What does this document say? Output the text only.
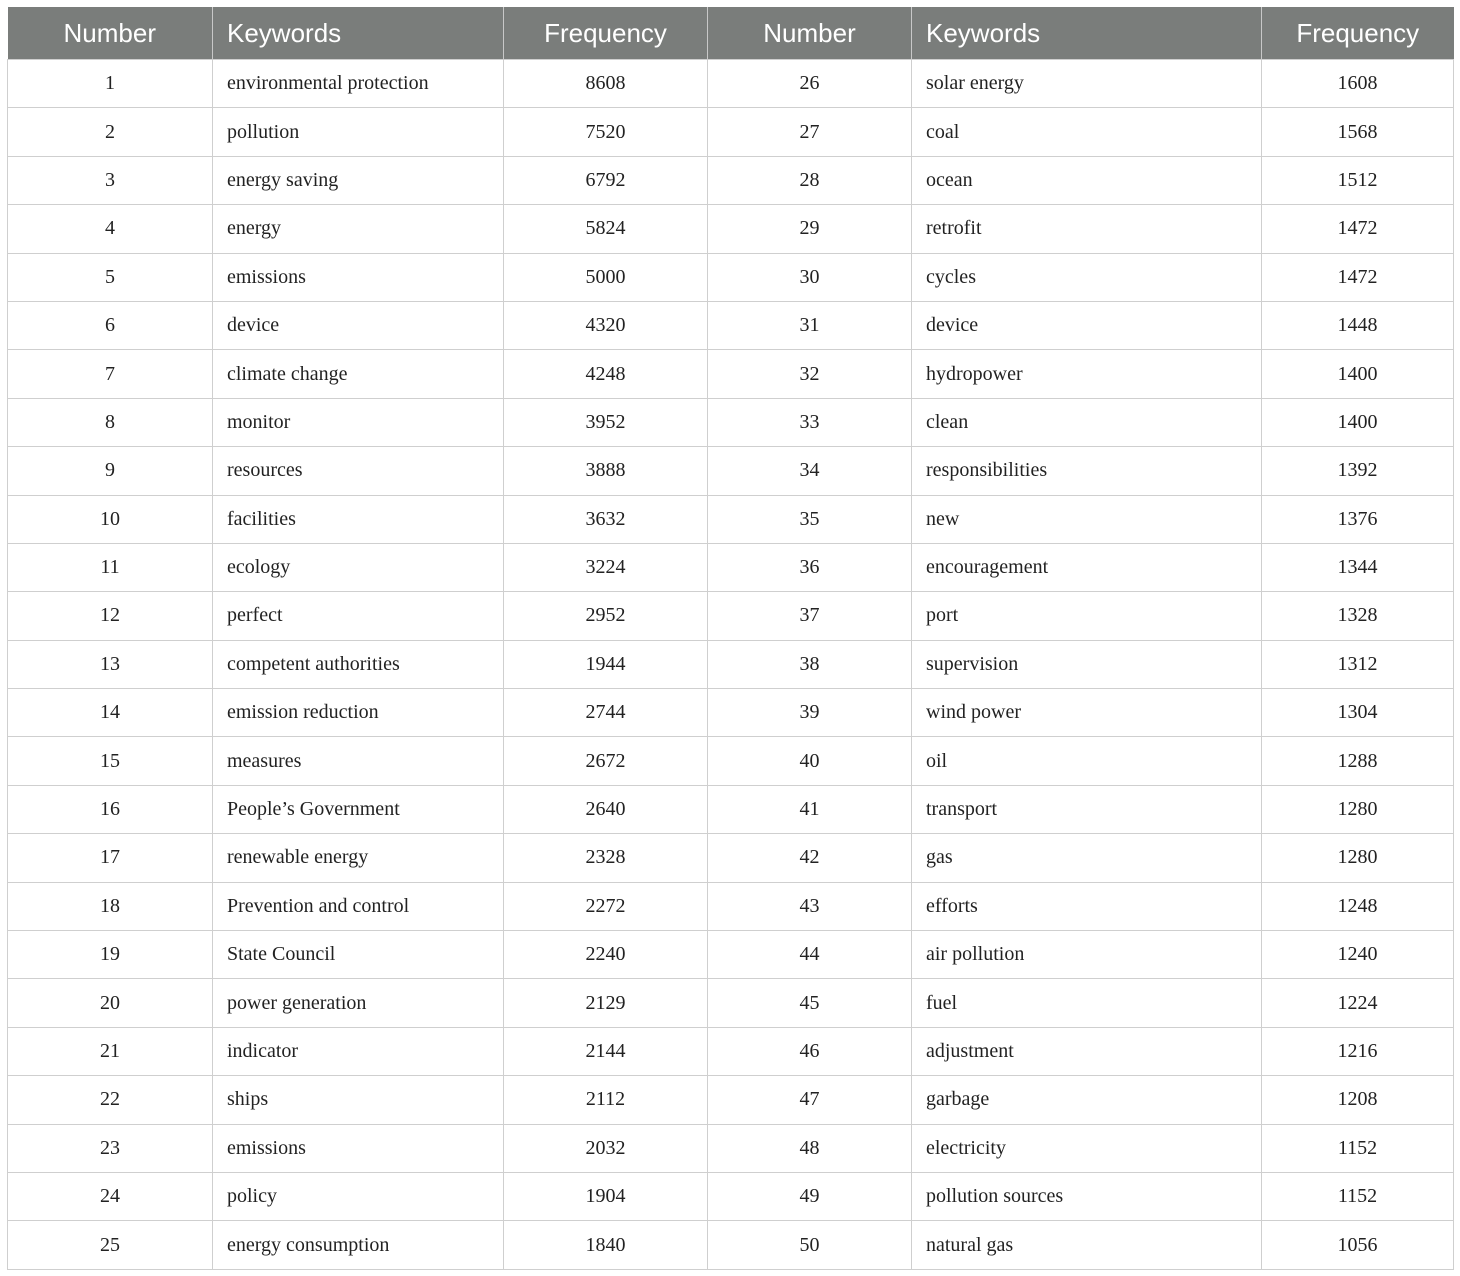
Number	Keywords	Frequency	Number	Keywords	Frequency
1	environmental protection	8608	26	solar energy	1608
2	pollution	7520	27	coal	1568
3	energy saving	6792	28	ocean	1512
4	energy	5824	29	retrofit	1472
5	emissions	5000	30	cycles	1472
6	device	4320	31	device	1448
7	climate change	4248	32	hydropower	1400
8	monitor	3952	33	clean	1400
9	resources	3888	34	responsibilities	1392
10	facilities	3632	35	new	1376
11	ecology	3224	36	encouragement	1344
12	perfect	2952	37	port	1328
13	competent authorities	1944	38	supervision	1312
14	emission reduction	2744	39	wind power	1304
15	measures	2672	40	oil	1288
16	People’s Government	2640	41	transport	1280
17	renewable energy	2328	42	gas	1280
18	Prevention and control	2272	43	efforts	1248
19	State Council	2240	44	air pollution	1240
20	power generation	2129	45	fuel	1224
21	indicator	2144	46	adjustment	1216
22	ships	2112	47	garbage	1208
23	emissions	2032	48	electricity	1152
24	policy	1904	49	pollution sources	1152
25	energy consumption	1840	50	natural gas	1056
